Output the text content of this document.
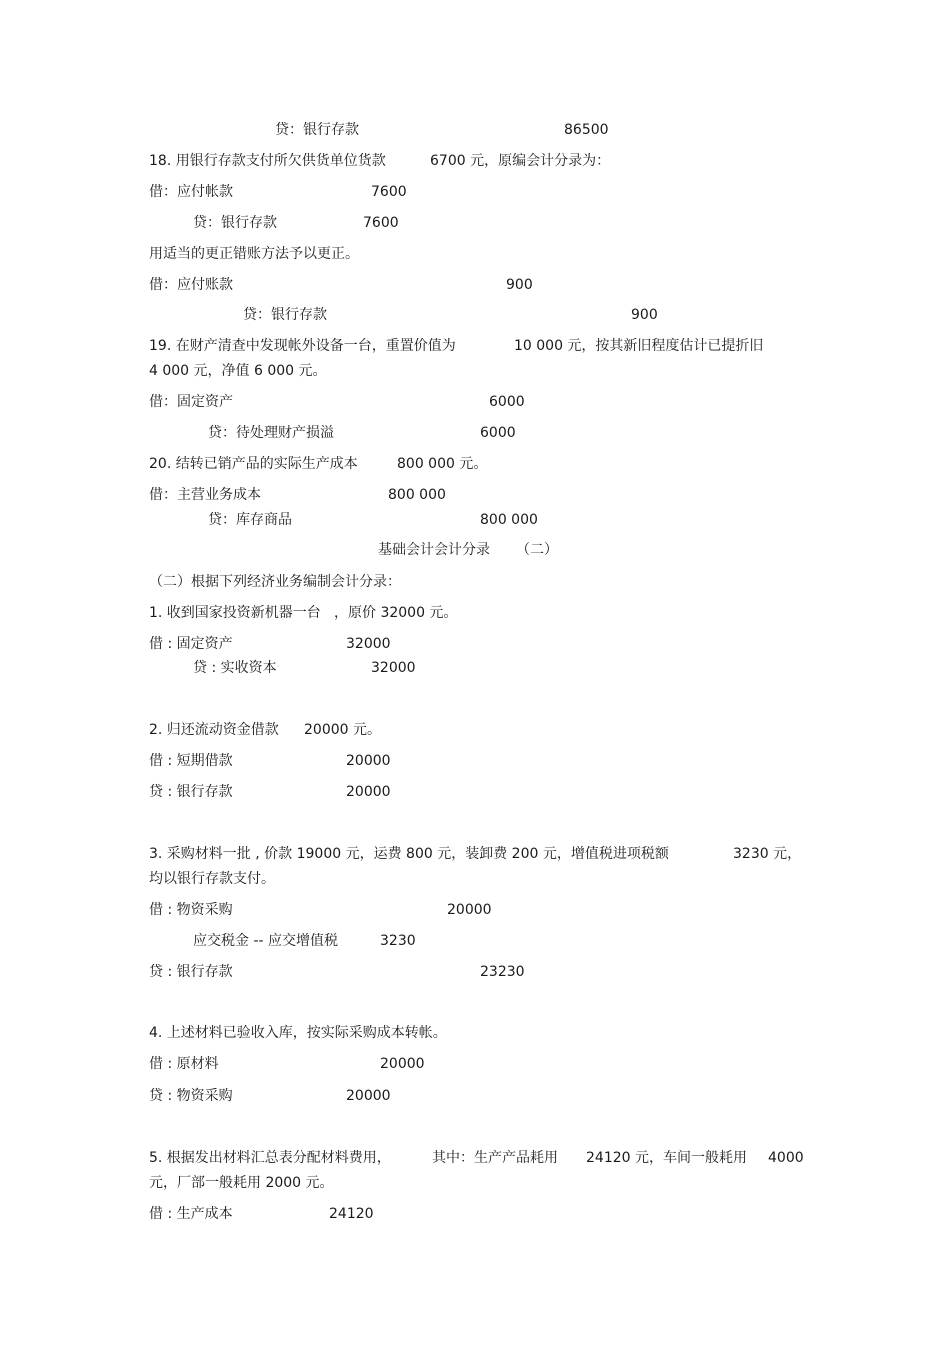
贷：银行存款	86500
18. 用银行存款支付所欠供货单位货款	6700 元，原编会计分录为：
借：应付帐款	7600
贷：银行存款	7600
用适当的更正错账方法予以更正。
借：应付账款	900
贷：银行存款	900
19. 在财产清查中发现帐外设备一台，重置价值为	10 000 元，按其新旧程度估计已提折旧
4 000 元，净值 6 000 元。
借：固定资产	6000
贷：待处理财产损溢	6000
20. 结转已销产品的实际生产成本	800 000 元。
借：主营业务成本	800 000
贷：库存商品	800 000
基础会计会计分录 （二）
（二）根据下列经济业务编制会计分录：
1. 收到国家投资新机器一台 ，原价 32000 元。
借 : 固定资产	32000
贷 : 实收资本	32000
2. 归还流动资金借款 20000 元。
借 : 短期借款	20000
贷 : 银行存款	20000
3. 采购材料一批 , 价款 19000 元，运费 800 元，装卸费 200 元，增值税进项税额	3230 元，
均以银行存款支付。
借 : 物资采购	20000
应交税金 -- 应交增值税	3230
贷 : 银行存款	23230
4. 上述材料已验收入库，按实际采购成本转帐。
借 : 原材料	20000
贷 : 物资采购	20000
5. 根据发出材料汇总表分配材料费用，	其中：生产产品耗用 24120 元，车间一般耗用 4000
元，厂部一般耗用 2000 元。
借 : 生产成本	24120
